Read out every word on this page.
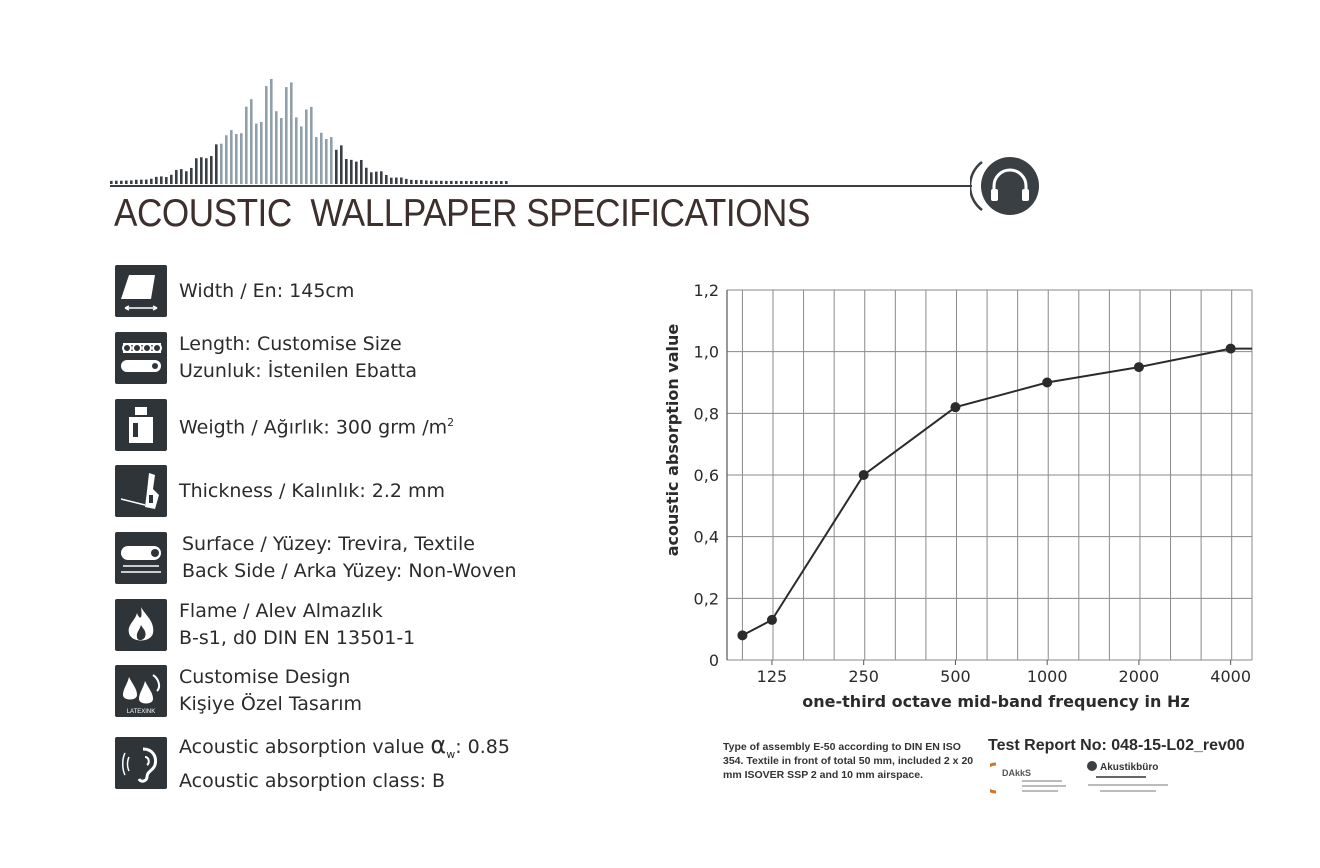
ACOUSTIC  WALLPAPER SPECIFICATIONS
Width / En: 145cm
Length: Customise Size
Uzunluk: İstenilen Ebatta
Weigth / Ağırlık: 300 grm $/m^2$
Thickness / Kalınlık: 2.2 mm
Surface / Yüzey: Trevira, Textile
Back Side / Arka Yüzey: Non-Woven
Flame / Alev Almazlık
B-s1, d0 DIN EN 13501-1
LATEXINK
Customise Design
Kişiye Özel Tasarım
Acoustic absorption value $\alpha_w$: 0.85
Acoustic absorption class: B
0
0,2
0,4
0,6
0,8
1,0
1,2
125	250	500	1000	2000	4000
acoustic absorption value
one-third octave mid-band frequency in Hz
Type of assembly E-50 according to DIN EN ISO 354. Textile in front of total 50 mm, included 2 x 20 mm ISOVER SSP 2 and 10 mm airspace.
Test Report No: 048-15-L02_rev00
DAkkS	Akustikbüro
